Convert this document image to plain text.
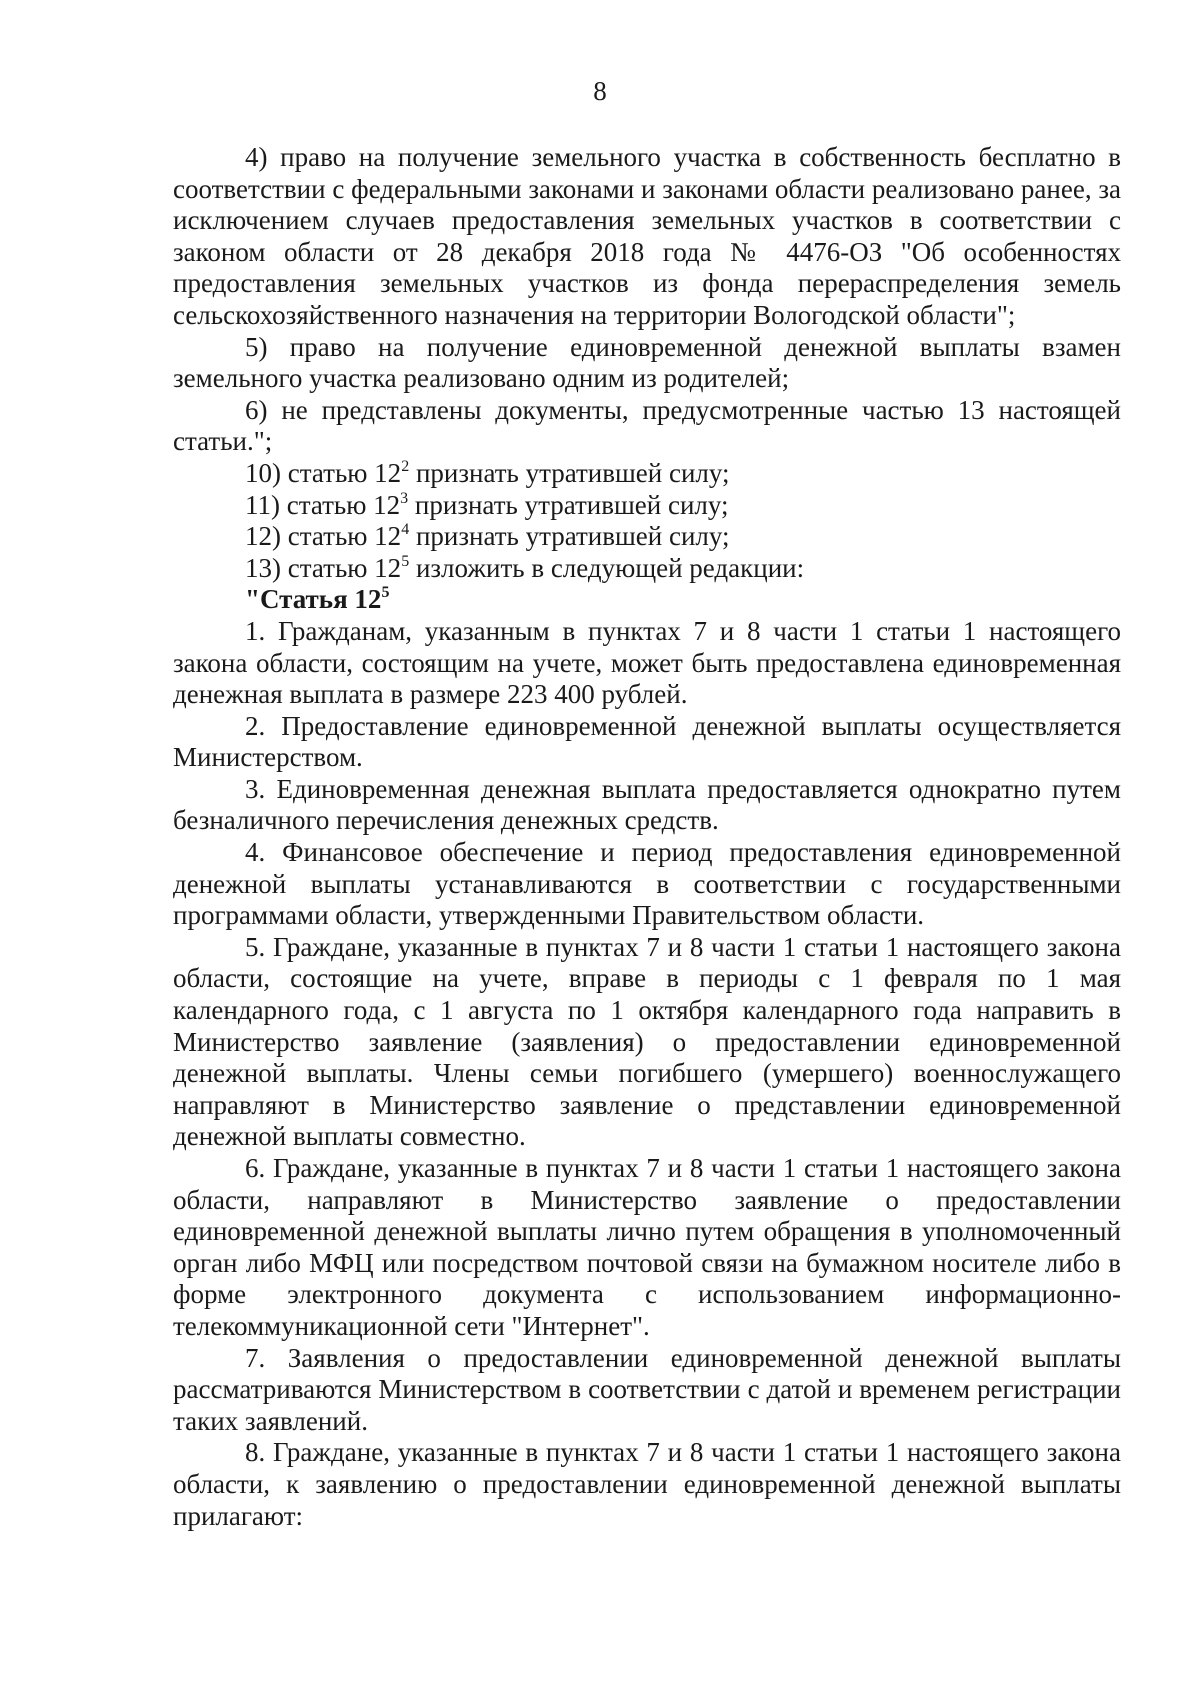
8

4) право на получение земельного участка в собственность бесплатно в соответствии с федеральными законами и законами области реализовано ранее, за исключением случаев предоставления земельных участков в соответствии с законом области от 28 декабря 2018 года № 4476-ОЗ "Об особенностях предоставления земельных участков из фонда перераспределения земель сельскохозяйственного назначения на территории Вологодской области";

5) право на получение единовременной денежной выплаты взамен земельного участка реализовано одним из родителей;

6) не представлены документы, предусмотренные частью 13 настоящей статьи.";

10) статью $12^2$ признать утратившей силу;

11) статью $12^3$ признать утратившей силу;

12) статью $12^4$ признать утратившей силу;

13) статью $12^5$ изложить в следующей редакции:

"Статья $12^5$

1. Гражданам, указанным в пунктах 7 и 8 части 1 статьи 1 настоящего закона области, состоящим на учете, может быть предоставлена единовременная денежная выплата в размере 223 400 рублей.

2. Предоставление единовременной денежной выплаты осуществляется Министерством.

3. Единовременная денежная выплата предоставляется однократно путем безналичного перечисления денежных средств.

4. Финансовое обеспечение и период предоставления единовременной денежной выплаты устанавливаются в соответствии с государственными программами области, утвержденными Правительством области.

5. Граждане, указанные в пунктах 7 и 8 части 1 статьи 1 настоящего закона области, состоящие на учете, вправе в периоды с 1 февраля по 1 мая календарного года, с 1 августа по 1 октября календарного года направить в Министерство заявление (заявления) о предоставлении единовременной денежной выплаты. Члены семьи погибшего (умершего) военнослужащего направляют в Министерство заявление о представлении единовременной денежной выплаты совместно.

6. Граждане, указанные в пунктах 7 и 8 части 1 статьи 1 настоящего закона области, направляют в Министерство заявление о предоставлении единовременной денежной выплаты лично путем обращения в уполномоченный орган либо МФЦ или посредством почтовой связи на бумажном носителе либо в форме электронного документа с использованием информационно-телекоммуникационной сети "Интернет".

7. Заявления о предоставлении единовременной денежной выплаты рассматриваются Министерством в соответствии с датой и временем регистрации таких заявлений.

8. Граждане, указанные в пунктах 7 и 8 части 1 статьи 1 настоящего закона области, к заявлению о предоставлении единовременной денежной выплаты прилагают:
